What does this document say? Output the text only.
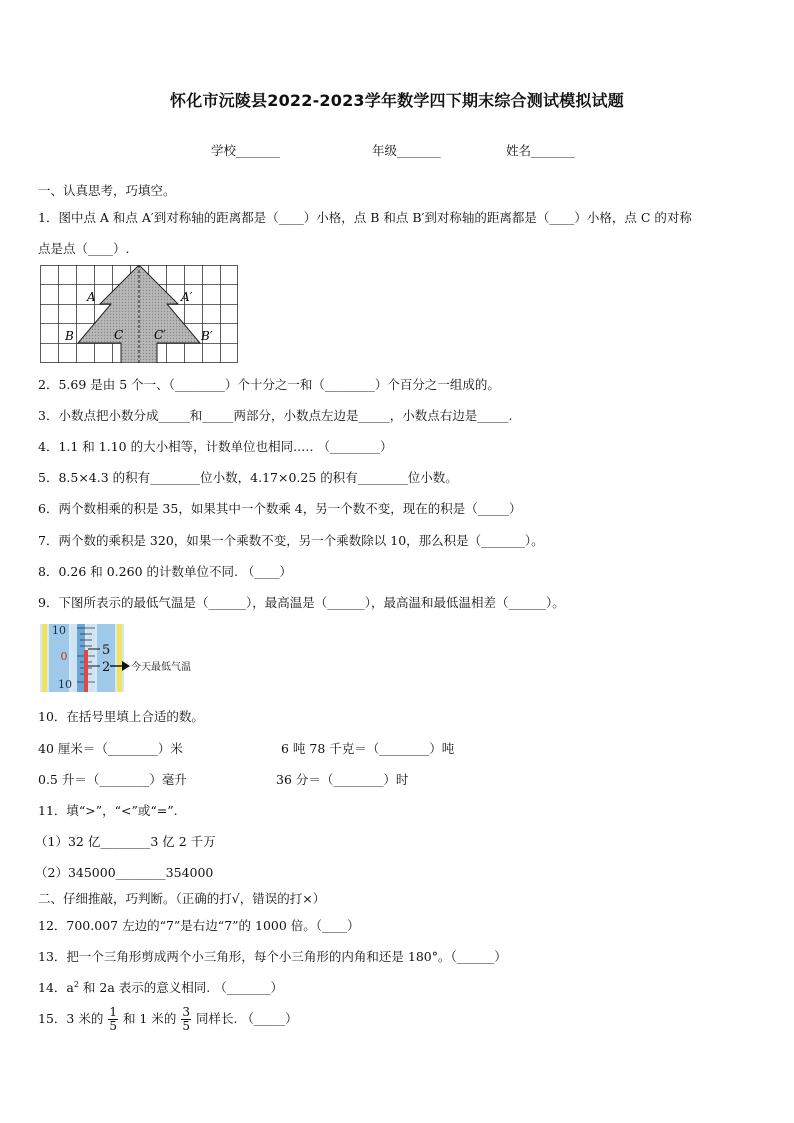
怀化市沅陵县2022-2023学年数学四下期末综合测试模拟试题
学校_______	年级_______	姓名_______
一、认真思考，巧填空。
1．图中点 A 和点 A′到对称轴的距离都是（____）小格，点 B 和点 B′到对称轴的距离都是（____）小格，点 C 的对称
点是点（____）.
A	A′
B	B′
C	C′
2．5.69 是由 5 个一、（________）个十分之一和（________）个百分之一组成的。
3．小数点把小数分成_____和_____两部分，小数点左边是_____，小数点右边是_____.
4．1.1 和 1.10 的大小相等，计数单位也相同.…. （________）
5．8.5×4.3 的积有________位小数，4.17×0.25 的积有________位小数。
6．两个数相乘的积是 35，如果其中一个数乘 4，另一个数不变，现在的积是（_____）
7．两个数的乘积是 320，如果一个乘数不变，另一个乘数除以 10，那么积是（_______）。
8．0.26 和 0.260 的计数单位不同. （____）
9．下图所表示的最低气温是（______），最高温是（______），最高温和最低温相差（______）。
10
0
10
5
2 今天最低气温
10．在括号里填上合适的数。
40 厘米＝（________）米	6 吨 78 千克＝（________）吨
0.5 升＝（________）毫升	36 分＝（________）时
11．填“>”，“<”或“=”.
（1）32 亿________3 亿 2 千万
（2）345000________354000
二、仔细推敲，巧判断。（正确的打√，错误的打×）
12．700.007 左边的“7”是右边“7”的 1000 倍。（____）
13．把一个三角形剪成两个小三角形，每个小三角形的内角和还是 180°。（______）
14．$a^2$ 和 2a 表示的意义相同. （_______）
15．3 米的 $\frac{1}{5}$ 和 1 米的 $\frac{3}{5}$ 同样长. （_____）
